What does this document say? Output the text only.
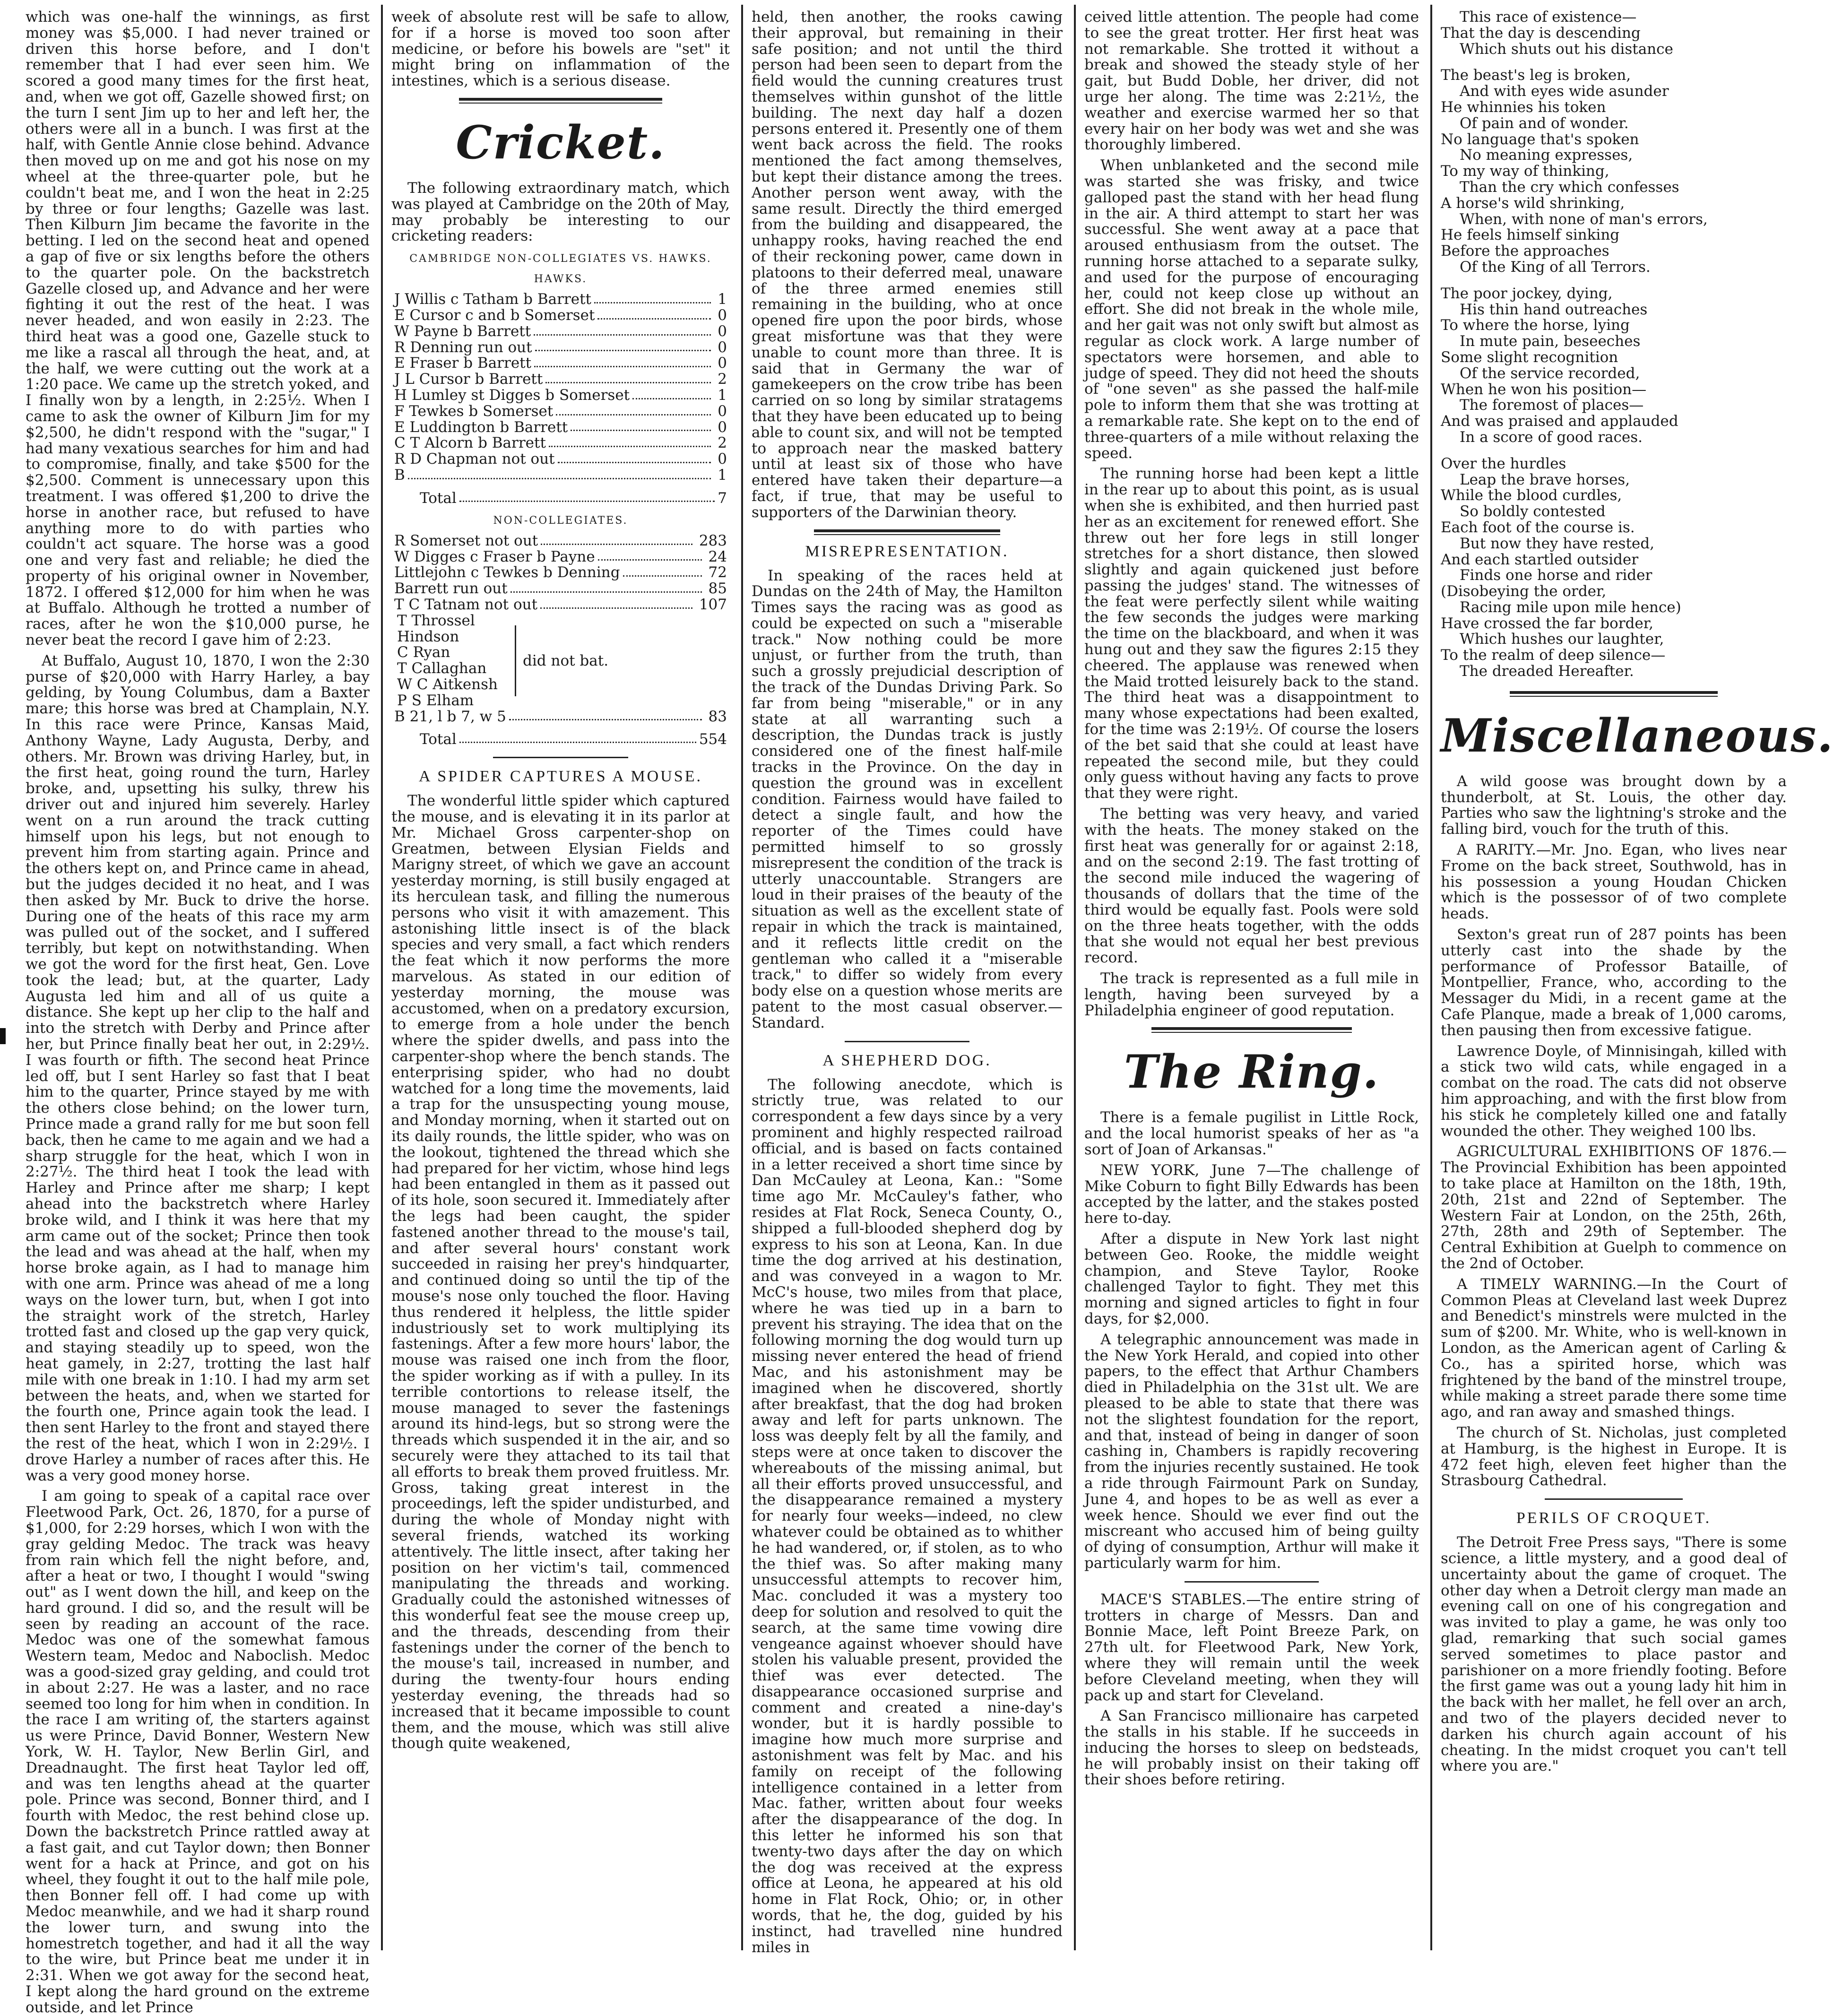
which was one-half the winnings, as first money was $5,000. I had never trained or driven this horse before, and I don't remember that I had ever seen him. We scored a good many times for the first heat, and, when we got off, Gazelle showed first; on the turn I sent Jim up to her and left her, the others were all in a bunch. I was first at the half, with Gentle Annie close behind. Advance then moved up on me and got his nose on my wheel at the three-quarter pole, but he couldn't beat me, and I won the heat in 2:25 by three or four lengths; Gazelle was last. Then Kilburn Jim became the favorite in the betting. I led on the second heat and opened a gap of five or six lengths before the others to the quarter pole. On the backstretch Gazelle closed up, and Advance and her were fighting it out the rest of the heat. I was never headed, and won easily in 2:23. The third heat was a good one, Gazelle stuck to me like a rascal all through the heat, and, at the half, we were cutting out the work at a 1:20 pace. We came up the stretch yoked, and I finally won by a length, in 2:25½. When I came to ask the owner of Kilburn Jim for my $2,500, he didn't respond with the "sugar," I had many vexatious searches for him and had to compromise, finally, and take $500 for the $2,500. Comment is unnecessary upon this treatment. I was offered $1,200 to drive the horse in another race, but refused to have anything more to do with parties who couldn't act square. The horse was a good one and very fast and reliable; he died the property of his original owner in November, 1872. I offered $12,000 for him when he was at Buffalo. Although he trotted a number of races, after he won the $10,000 purse, he never beat the record I gave him of 2:23.

At Buffalo, August 10, 1870, I won the 2:30 purse of $20,000 with Harry Harley, a bay gelding, by Young Columbus, dam a Baxter mare; this horse was bred at Champlain, N.Y. In this race were Prince, Kansas Maid, Anthony Wayne, Lady Augusta, Derby, and others. Mr. Brown was driving Harley, but, in the first heat, going round the turn, Harley broke, and, upsetting his sulky, threw his driver out and injured him severely. Harley went on a run around the track cutting himself upon his legs, but not enough to prevent him from starting again. Prince and the others kept on, and Prince came in ahead, but the judges decided it no heat, and I was then asked by Mr. Buck to drive the horse. During one of the heats of this race my arm was pulled out of the socket, and I suffered terribly, but kept on notwithstanding. When we got the word for the first heat, Gen. Love took the lead; but, at the quarter, Lady Augusta led him and all of us quite a distance. She kept up her clip to the half and into the stretch with Derby and Prince after her, but Prince finally beat her out, in 2:29½. I was fourth or fifth. The second heat Prince led off, but I sent Harley so fast that I beat him to the quarter, Prince stayed by me with the others close behind; on the lower turn, Prince made a grand rally for me but soon fell back, then he came to me again and we had a sharp struggle for the heat, which I won in 2:27½. The third heat I took the lead with Harley and Prince after me sharp; I kept ahead into the backstretch where Harley broke wild, and I think it was here that my arm came out of the socket; Prince then took the lead and was ahead at the half, when my horse broke again, as I had to manage him with one arm. Prince was ahead of me a long ways on the lower turn, but, when I got into the straight work of the stretch, Harley trotted fast and closed up the gap very quick, and staying steadily up to speed, won the heat gamely, in 2:27, trotting the last half mile with one break in 1:10. I had my arm set between the heats, and, when we started for the fourth one, Prince again took the lead. I then sent Harley to the front and stayed there the rest of the heat, which I won in 2:29½. I drove Harley a number of races after this. He was a very good money horse.

I am going to speak of a capital race over Fleetwood Park, Oct. 26, 1870, for a purse of $1,000, for 2:29 horses, which I won with the gray gelding Medoc. The track was heavy from rain which fell the night before, and, after a heat or two, I thought I would "swing out" as I went down the hill, and keep on the hard ground. I did so, and the result will be seen by reading an account of the race. Medoc was one of the somewhat famous Western team, Medoc and Naboclish. Medoc was a good-sized gray gelding, and could trot in about 2:27. He was a laster, and no race seemed too long for him when in condition. In the race I am writing of, the starters against us were Prince, David Bonner, Western New York, W. H. Taylor, New Berlin Girl, and Dreadnaught. The first heat Taylor led off, and was ten lengths ahead at the quarter pole. Prince was second, Bonner third, and I fourth with Medoc, the rest behind close up. Down the backstretch Prince rattled away at a fast gait, and cut Taylor down; then Bonner went for a hack at Prince, and got on his wheel, they fought it out to the half mile pole, then Bonner fell off. I had come up with Medoc meanwhile, and we had it sharp round the lower turn, and swung into the homestretch together, and had it all the way to the wire, but Prince beat me under it in 2:31. When we got away for the second heat, I kept along the hard ground on the extreme outside, and let Prince

week of absolute rest will be safe to allow, for if a horse is moved too soon after medicine, or before his bowels are "set" it might bring on inflammation of the intestines, which is a serious disease.

Cricket.

The following extraordinary match, which was played at Cambridge on the 20th of May, may probably be interesting to our cricketing readers:

CAMBRIDGE NON-COLLEGIATES VS. HAWKS.
HAWKS.
J Willis c Tatham b Barrett	1
E Cursor c and b Somerset	0
W Payne b Barrett	0
R Denning run out	0
E Fraser b Barrett	0
J L Cursor b Barrett	2
H Lumley st Digges b Somerset	1
F Tewkes b Somerset	0
E Luddington b Barrett	0
C T Alcorn b Barrett	2
R D Chapman not out	0
B	1
Total	7
NON-COLLEGIATES.
R Somerset not out	283
W Digges c Fraser b Payne	24
Littlejohn c Tewkes b Denning	72
Barrett run out	85
T C Tatnam not out	107
T Throssel
Hindson
C Ryan
T Callaghan
W C Aitkensh
P S Elham
did not bat.
B 21, l b 7, w 5	83
Total	554
A SPIDER CAPTURES A MOUSE.

The wonderful little spider which captured the mouse, and is elevating it in its parlor at Mr. Michael Gross carpenter-shop on Greatmen, between Elysian Fields and Marigny street, of which we gave an account yesterday morning, is still busily engaged at its herculean task, and filling the numerous persons who visit it with amazement. This astonishing little insect is of the black species and very small, a fact which renders the feat which it now performs the more marvelous. As stated in our edition of yesterday morning, the mouse was accustomed, when on a predatory excursion, to emerge from a hole under the bench where the spider dwells, and pass into the carpenter-shop where the bench stands. The enterprising spider, who had no doubt watched for a long time the movements, laid a trap for the unsuspecting young mouse, and Monday morning, when it started out on its daily rounds, the little spider, who was on the lookout, tightened the thread which she had prepared for her victim, whose hind legs had been entangled in them as it passed out of its hole, soon secured it. Immediately after the legs had been caught, the spider fastened another thread to the mouse's tail, and after several hours' constant work succeeded in raising her prey's hindquarter, and continued doing so until the tip of the mouse's nose only touched the floor. Having thus rendered it helpless, the little spider industriously set to work multiplying its fastenings. After a few more hours' labor, the mouse was raised one inch from the floor, the spider working as if with a pulley. In its terrible contortions to release itself, the mouse managed to sever the fastenings around its hind-legs, but so strong were the threads which suspended it in the air, and so securely were they attached to its tail that all efforts to break them proved fruitless. Mr. Gross, taking great interest in the proceedings, left the spider undisturbed, and during the whole of Monday night with several friends, watched its working attentively. The little insect, after taking her position on her victim's tail, commenced manipulating the threads and working. Gradually could the astonished witnesses of this wonderful feat see the mouse creep up, and the threads, descending from their fastenings under the corner of the bench to the mouse's tail, increased in number, and during the twenty-four hours ending yesterday evening, the threads had so increased that it became impossible to count them, and the mouse, which was still alive though quite weakened,

held, then another, the rooks cawing their approval, but remaining in their safe position; and not until the third person had been seen to depart from the field would the cunning creatures trust themselves within gunshot of the little building. The next day half a dozen persons entered it. Presently one of them went back across the field. The rooks mentioned the fact among themselves, but kept their distance among the trees. Another person went away, with the same result. Directly the third emerged from the building and disappeared, the unhappy rooks, having reached the end of their reckoning power, came down in platoons to their deferred meal, unaware of the three armed enemies still remaining in the building, who at once opened fire upon the poor birds, whose great misfortune was that they were unable to count more than three. It is said that in Germany the war of gamekeepers on the crow tribe has been carried on so long by similar stratagems that they have been educated up to being able to count six, and will not be tempted to approach near the masked battery until at least six of those who have entered have taken their departure—a fact, if true, that may be useful to supporters of the Darwinian theory.

MISREPRESENTATION.

In speaking of the races held at Dundas on the 24th of May, the Hamilton Times says the racing was as good as could be expected on such a "miserable track." Now nothing could be more unjust, or further from the truth, than such a grossly prejudicial description of the track of the Dundas Driving Park. So far from being "miserable," or in any state at all warranting such a description, the Dundas track is justly considered one of the finest half-mile tracks in the Province. On the day in question the ground was in excellent condition. Fairness would have failed to detect a single fault, and how the reporter of the Times could have permitted himself to so grossly misrepresent the condition of the track is utterly unaccountable. Strangers are loud in their praises of the beauty of the situation as well as the excellent state of repair in which the track is maintained, and it reflects little credit on the gentleman who called it a "miserable track," to differ so widely from every body else on a question whose merits are patent to the most casual observer.—Standard.

A SHEPHERD DOG.

The following anecdote, which is strictly true, was related to our correspondent a few days since by a very prominent and highly respected railroad official, and is based on facts contained in a letter received a short time since by Dan McCauley at Leona, Kan.: "Some time ago Mr. McCauley's father, who resides at Flat Rock, Seneca County, O., shipped a full-blooded shepherd dog by express to his son at Leona, Kan. In due time the dog arrived at his destination, and was conveyed in a wagon to Mr. McC's house, two miles from that place, where he was tied up in a barn to prevent his straying. The idea that on the following morning the dog would turn up missing never entered the head of friend Mac, and his astonishment may be imagined when he discovered, shortly after breakfast, that the dog had broken away and left for parts unknown. The loss was deeply felt by all the family, and steps were at once taken to discover the whereabouts of the missing animal, but all their efforts proved unsuccessful, and the disappearance remained a mystery for nearly four weeks—indeed, no clew whatever could be obtained as to whither he had wandered, or, if stolen, as to who the thief was. So after making many unsuccessful attempts to recover him, Mac. concluded it was a mystery too deep for solution and resolved to quit the search, at the same time vowing dire vengeance against whoever should have stolen his valuable present, provided the thief was ever detected. The disappearance occasioned surprise and comment and created a nine-day's wonder, but it is hardly possible to imagine how much more surprise and astonishment was felt by Mac. and his family on receipt of the following intelligence contained in a letter from Mac. father, written about four weeks after the disappearance of the dog. In this letter he informed his son that twenty-two days after the day on which the dog was received at the express office at Leona, he appeared at his old home in Flat Rock, Ohio; or, in other words, that he, the dog, guided by his instinct, had travelled nine hundred miles in

ceived little attention. The people had come to see the great trotter. Her first heat was not remarkable. She trotted it without a break and showed the steady style of her gait, but Budd Doble, her driver, did not urge her along. The time was 2:21½, the weather and exercise warmed her so that every hair on her body was wet and she was thoroughly limbered.

When unblanketed and the second mile was started she was frisky, and twice galloped past the stand with her head flung in the air. A third attempt to start her was successful. She went away at a pace that aroused enthusiasm from the outset. The running horse attached to a separate sulky, and used for the purpose of encouraging her, could not keep close up without an effort. She did not break in the whole mile, and her gait was not only swift but almost as regular as clock work. A large number of spectators were horsemen, and able to judge of speed. They did not heed the shouts of "one seven" as she passed the half-mile pole to inform them that she was trotting at a remarkable rate. She kept on to the end of three-quarters of a mile without relaxing the speed.

The running horse had been kept a little in the rear up to about this point, as is usual when she is exhibited, and then hurried past her as an excitement for renewed effort. She threw out her fore legs in still longer stretches for a short distance, then slowed slightly and again quickened just before passing the judges' stand. The witnesses of the feat were perfectly silent while waiting the few seconds the judges were marking the time on the blackboard, and when it was hung out and they saw the figures 2:15 they cheered. The applause was renewed when the Maid trotted leisurely back to the stand. The third heat was a disappointment to many whose expectations had been exalted, for the time was 2:19½. Of course the losers of the bet said that she could at least have repeated the second mile, but they could only guess without having any facts to prove that they were right.

The betting was very heavy, and varied with the heats. The money staked on the first heat was generally for or against 2:18, and on the second 2:19. The fast trotting of the second mile induced the wagering of thousands of dollars that the time of the third would be equally fast. Pools were sold on the three heats together, with the odds that she would not equal her best previous record.

The track is represented as a full mile in length, having been surveyed by a Philadelphia engineer of good reputation.

The Ring.

There is a female pugilist in Little Rock, and the local humorist speaks of her as "a sort of Joan of Arkansas."

NEW YORK, June 7—The challenge of Mike Coburn to fight Billy Edwards has been accepted by the latter, and the stakes posted here to-day.

After a dispute in New York last night between Geo. Rooke, the middle weight champion, and Steve Taylor, Rooke challenged Taylor to fight. They met this morning and signed articles to fight in four days, for $2,000.

A telegraphic announcement was made in the New York Herald, and copied into other papers, to the effect that Arthur Chambers died in Philadelphia on the 31st ult. We are pleased to be able to state that there was not the slightest foundation for the report, and that, instead of being in danger of soon cashing in, Chambers is rapidly recovering from the injuries recently sustained. He took a ride through Fairmount Park on Sunday, June 4, and hopes to be as well as ever a week hence. Should we ever find out the miscreant who accused him of being guilty of dying of consumption, Arthur will make it particularly warm for him.

MACE'S STABLES.—The entire string of trotters in charge of Messrs. Dan and Bonnie Mace, left Point Breeze Park, on 27th ult. for Fleetwood Park, New York, where they will remain until the week before Cleveland meeting, when they will pack up and start for Cleveland.

A San Francisco millionaire has carpeted the stalls in his stable. If he succeeds in inducing the horses to sleep on bedsteads, he will probably insist on their taking off their shoes before retiring.

This race of existence—
That the day is descending
Which shuts out his distance
The beast's leg is broken,
And with eyes wide asunder
He whinnies his token
Of pain and of wonder.
No language that's spoken
No meaning expresses,
To my way of thinking,
Than the cry which confesses
A horse's wild shrinking,
When, with none of man's errors,
He feels himself sinking
Before the approaches
Of the King of all Terrors.
The poor jockey, dying,
His thin hand outreaches
To where the horse, lying
In mute pain, beseeches
Some slight recognition
Of the service recorded,
When he won his position—
The foremost of places—
And was praised and applauded
In a score of good races.
Over the hurdles
Leap the brave horses,
While the blood curdles,
So boldly contested
Each foot of the course is.
But now they have rested,
And each startled outsider
Finds one horse and rider
(Disobeying the order,
Racing mile upon mile hence)
Have crossed the far border,
Which hushes our laughter,
To the realm of deep silence—
The dreaded Hereafter.
Miscellaneous.

A wild goose was brought down by a thunderbolt, at St. Louis, the other day. Parties who saw the lightning's stroke and the falling bird, vouch for the truth of this.

A RARITY.—Mr. Jno. Egan, who lives near Frome on the back street, Southwold, has in his possession a young Houdan Chicken which is the possessor of of two complete heads.

Sexton's great run of 287 points has been utterly cast into the shade by the performance of Professor Bataille, of Montpellier, France, who, according to the Messager du Midi, in a recent game at the Cafe Planque, made a break of 1,000 caroms, then pausing then from excessive fatigue.

Lawrence Doyle, of Minnisingah, killed with a stick two wild cats, while engaged in a combat on the road. The cats did not observe him approaching, and with the first blow from his stick he completely killed one and fatally wounded the other. They weighed 100 lbs.

AGRICULTURAL EXHIBITIONS OF 1876.—The Provincial Exhibition has been appointed to take place at Hamilton on the 18th, 19th, 20th, 21st and 22nd of September. The Western Fair at London, on the 25th, 26th, 27th, 28th and 29th of September. The Central Exhibition at Guelph to commence on the 2nd of October.

A TIMELY WARNING.—In the Court of Common Pleas at Cleveland last week Duprez and Benedict's minstrels were mulcted in the sum of $200. Mr. White, who is well-known in London, as the American agent of Carling & Co., has a spirited horse, which was frightened by the band of the minstrel troupe, while making a street parade there some time ago, and ran away and smashed things.

The church of St. Nicholas, just completed at Hamburg, is the highest in Europe. It is 472 feet high, eleven feet higher than the Strasbourg Cathedral.

PERILS OF CROQUET.

The Detroit Free Press says, "There is some science, a little mystery, and a good deal of uncertainty about the game of croquet. The other day when a Detroit clergy man made an evening call on one of his congregation and was invited to play a game, he was only too glad, remarking that such social games served sometimes to place pastor and parishioner on a more friendly footing. Before the first game was out a young lady hit him in the back with her mallet, he fell over an arch, and two of the players decided never to darken his church again account of his cheating. In the midst croquet you can't tell where you are."
